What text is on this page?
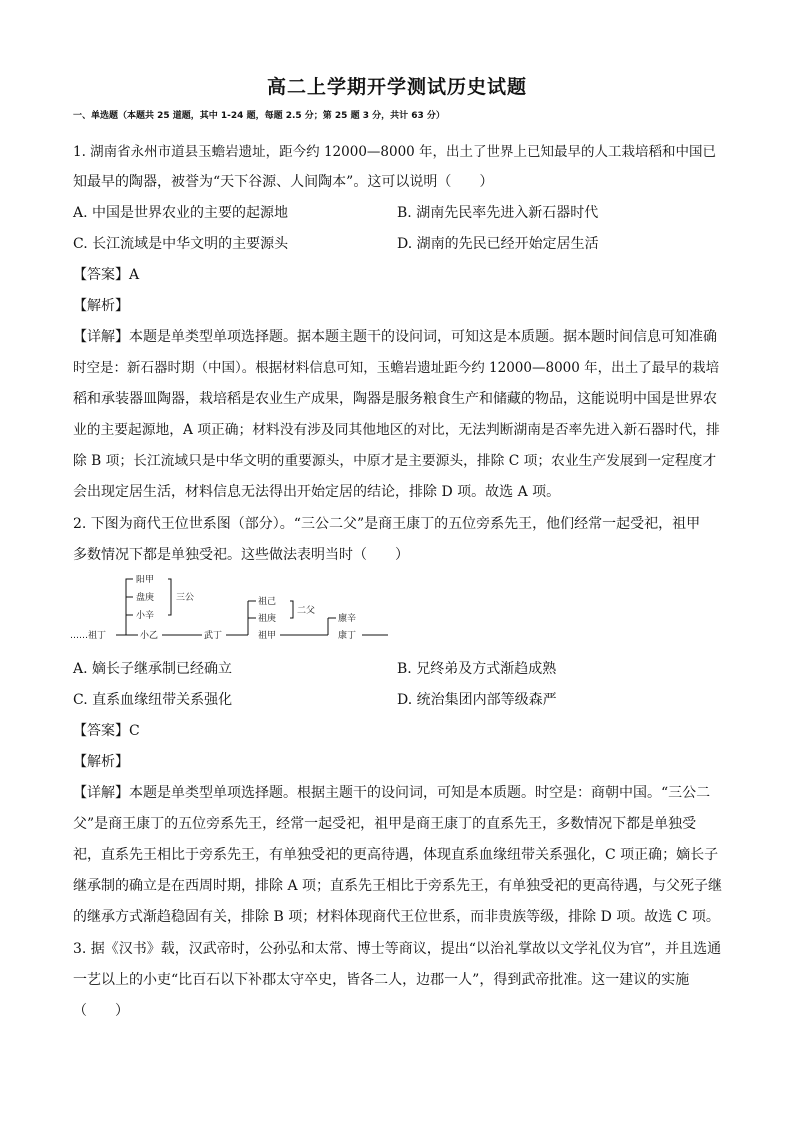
高二上学期开学测试历史试题
一、单选题（本题共 25 道题，其中 1-24 题，每题 2.5 分；第 25 题 3 分，共计 63 分）
1. 湖南省永州市道县玉蟾岩遗址，距今约 12000—8000 年，出土了世界上已知最早的人工栽培稻和中国已
知最早的陶器，被誉为“天下谷源、人间陶本”。这可以说明（　　）
A. 中国是世界农业的主要的起源地	B. 湖南先民率先进入新石器时代
C. 长江流域是中华文明的主要源头	D. 湖南的先民已经开始定居生活
【答案】A
【解析】
【详解】本题是单类型单项选择题。据本题主题干的设问词，可知这是本质题。据本题时间信息可知准确
时空是：新石器时期（中国）。根据材料信息可知，玉蟾岩遗址距今约 12000—8000 年，出土了最早的栽培
稻和承装器皿陶器，栽培稻是农业生产成果，陶器是服务粮食生产和储藏的物品，这能说明中国是世界农
业的主要起源地，A 项正确；材料没有涉及同其他地区的对比，无法判断湖南是否率先进入新石器时代，排
除 B 项；长江流域只是中华文明的重要源头，中原才是主要源头，排除 C 项；农业生产发展到一定程度才
会出现定居生活，材料信息无法得出开始定居的结论，排除 D 项。故选 A 项。
2. 下图为商代王位世系图（部分）。“三公二父”是商王康丁的五位旁系先王，他们经常一起受祀，祖甲
多数情况下都是单独受祀。这些做法表明当时（　　）
阳甲
盘庚
小辛
三公
……祖丁	小乙	武丁
祖己
祖庚
祖甲
二父
廪辛
康丁
A. 嫡长子继承制已经确立	B. 兄终弟及方式渐趋成熟
C. 直系血缘纽带关系强化	D. 统治集团内部等级森严
【答案】C
【解析】
【详解】本题是单类型单项选择题。根据主题干的设问词，可知是本质题。时空是：商朝中国。“三公二
父”是商王康丁的五位旁系先王，经常一起受祀，祖甲是商王康丁的直系先王，多数情况下都是单独受
祀，直系先王相比于旁系先王，有单独受祀的更高待遇，体现直系血缘纽带关系强化，C 项正确；嫡长子
继承制的确立是在西周时期，排除 A 项；直系先王相比于旁系先王，有单独受祀的更高待遇，与父死子继
的继承方式渐趋稳固有关，排除 B 项；材料体现商代王位世系，而非贵族等级，排除 D 项。故选 C 项。
3. 据《汉书》载，汉武帝时，公孙弘和太常、博士等商议，提出“以治礼掌故以文学礼仪为官”，并且选通
一艺以上的小吏“比百石以下补郡太守卒史，皆各二人，边郡一人”，得到武帝批准。这一建议的实施
（　　）
